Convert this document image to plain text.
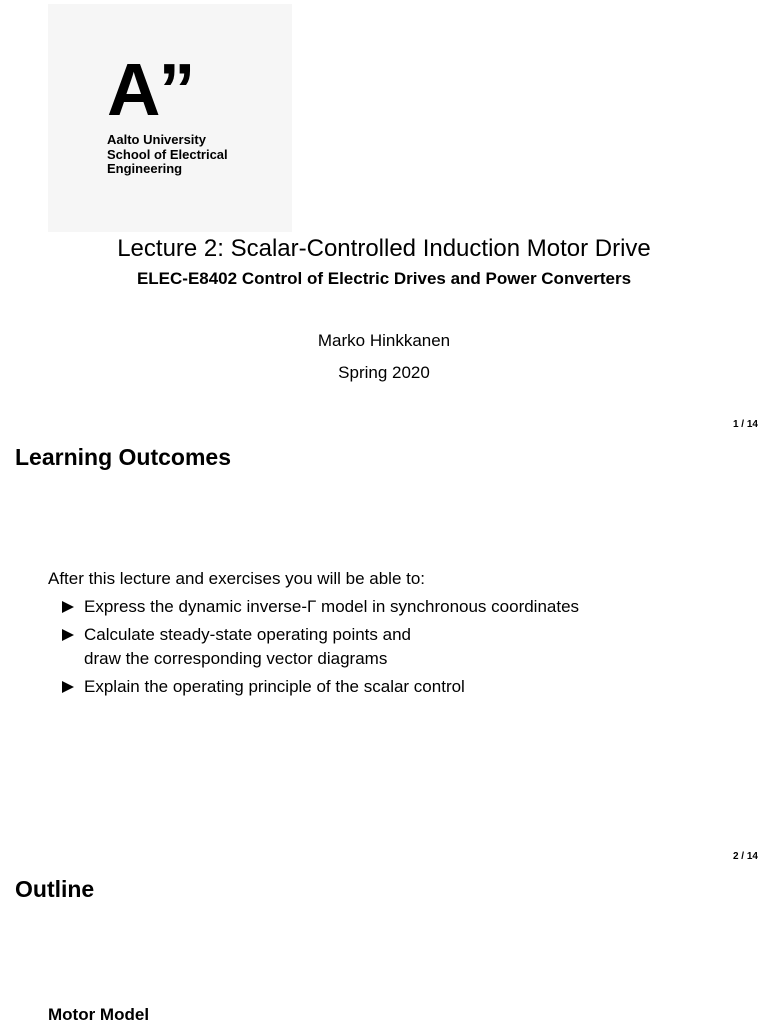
A”
Aalto University
School of Electrical
Engineering
Lecture 2: Scalar-Controlled Induction Motor Drive
ELEC-E8402 Control of Electric Drives and Power Converters
Marko Hinkkanen
Spring 2020
1 / 14
Learning Outcomes
After this lecture and exercises you will be able to:
Express the dynamic inverse-Γ model in synchronous coordinates
Calculate steady-state operating points and
draw the corresponding vector diagrams
Explain the operating principle of the scalar control
2 / 14
Outline
Motor Model
